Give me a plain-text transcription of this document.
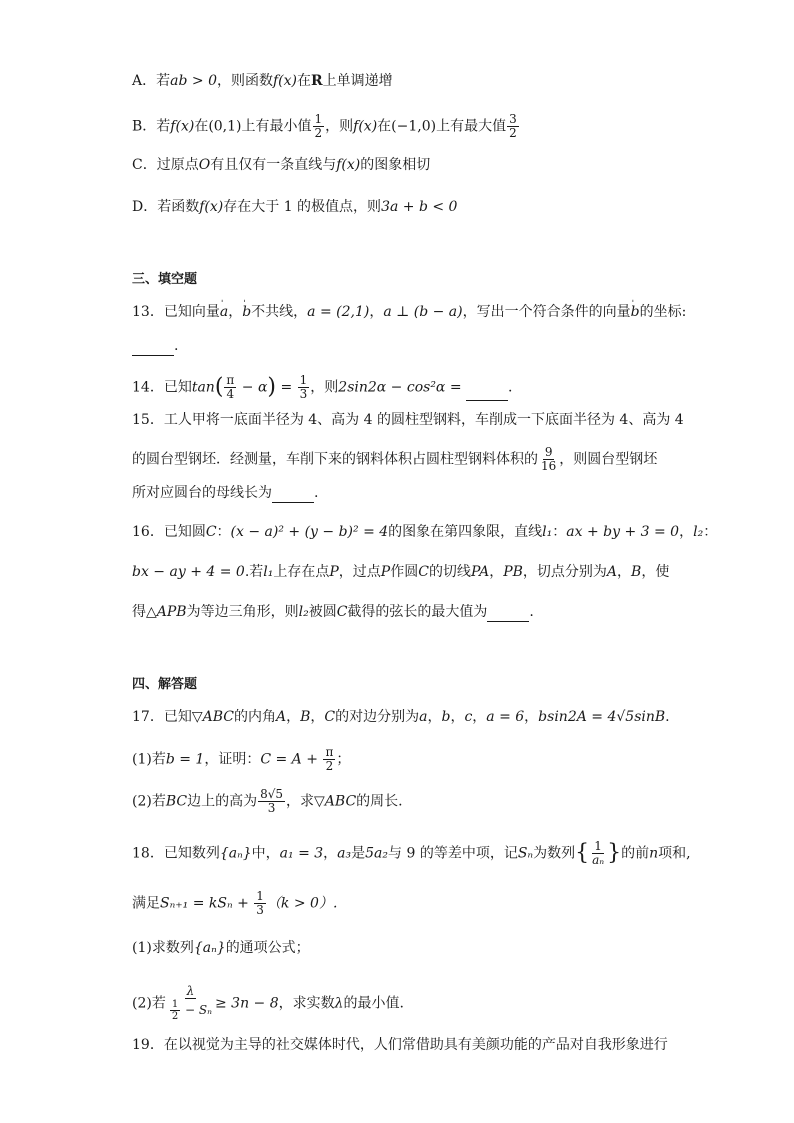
A．若ab > 0，则函数f(x)在R上单调递增
B．若f(x)在(0,1)上有最小值 $\frac{1}{2}$ ，则f(x)在(−1,0)上有最大值 $\frac{3}{2}$
C．过原点O有且仅有一条直线与f(x)的图象相切
D．若函数f(x)存在大于 1 的极值点，则3a + b < 0
三、填空题
13．已知向量ˈ a，ˈ b不共线，a = (2,1)，a ⊥ (b − a)，写出一个符合条件的向量ˈ b的坐标:
.
14．已知$\tan( \frac{\pi}{4} - \alpha) = \frac{1}{3}$ ，则2sin2α − cos²α =	.
15．工人甲将一底面半径为 4、高为 4 的圆柱型钢料，车削成一下底面半径为 4、高为 4
的圆台型钢坯．经测量，车削下来的钢料体积占圆柱型钢料体积的 $\frac{9}{16}$ ，则圆台型钢坯
所对应圆台的母线长为	.
16．已知圆C：(x − a)² + (y − b)² = 4的图象在第四象限，直线l₁：ax + by + 3 = 0，l₂：
bx − ay + 4 = 0.若l₁上存在点P，过点P作圆C的切线PA，PB，切点分别为A，B，使
得△APB为等边三角形，则l₂被圆C截得的弦长的最大值为	.
四、解答题
17．已知▽ABC的内角A，B，C的对边分别为a，b，c，a = 6，bsin2A = 4√5sinB.
(1)若b = 1，证明：$C = A + \frac{\pi}{2}$ ；
(2)若BC边上的高为 $\frac{8√5}{3}$ ，求▽ABC的周长.
18．已知数列{aₙ}中，a₁ = 3，a₃是5a₂与 9 的等差中项，记Sₙ为数列{ $\frac{1}{\text{aₙ}}$ }的前n项和,
满足$S_{n+1} = kS_n + \frac{1}{3} (k > 0)$.
(1)求数列{aₙ}的通项公式；
(2)若 $\frac{\lambda}{\frac{1}{2} - S_n} \ge 3n - 8$，求实数λ的最小值.
19．在以视觉为主导的社交媒体时代，人们常借助具有美颜功能的产品对自我形象进行
